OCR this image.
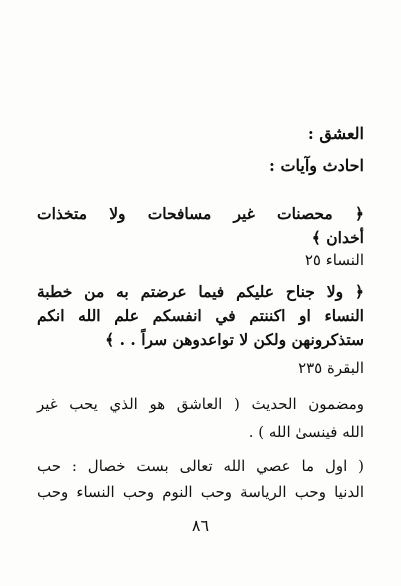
العشق :
احادث وآيات :
﴿ محصنات غير مسافحات ولا متخذات
أخدان ﴾
النساء ٢٥
﴿ ولا جناح عليكم فيما عرضتم به من خطبة
النساء او اكننتم في انفسكم علم الله انكم
ستذكرونهن ولكن لا تواعدوهن سراً . . ﴾
البقرة ٢٣٥
ومضمون الحديث ( العاشق هو الذي يحب غير
الله فينسىٰ الله ) .
( اول ما عصي الله تعالى بست خصال : حب
الدنيا وحب الرياسة وحب النوم وحب النساء وحب
٨٦
